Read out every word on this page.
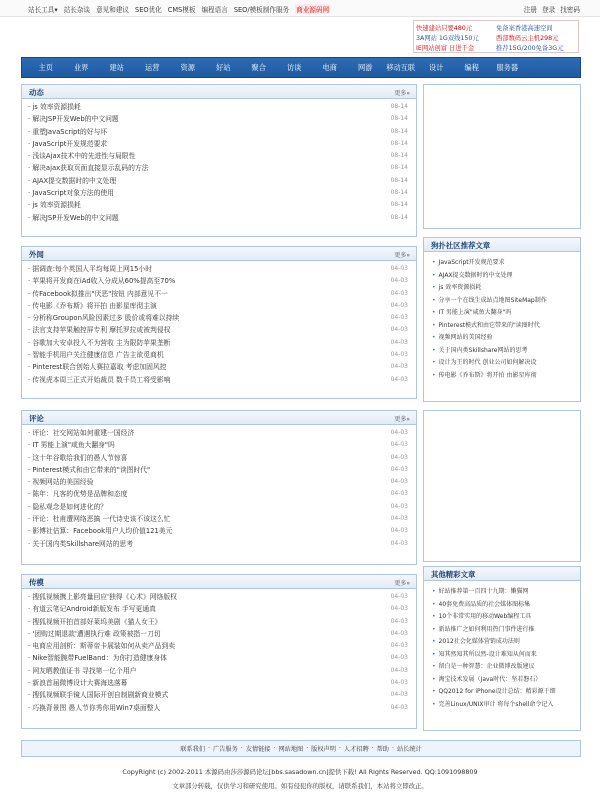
站长工具▾ 站长杂谈 意见和建议 SEO优化 CMS模板 编程语言 SEO/模板制作服务 商业源码网	注册 登录 找密码
快速建站只要480元	免备案香港高速空间
3A网站 1G双线150元	西部数码云主机298元
IE网站创富 日进千金	推荐15G/200免备3G元
主页	业界	建站	运营	资源	好站	聚合	访谈	电商	网游	移动互联	设计	编程	服务器
动态	更多»
· js 效率资源损耗	08-14
· 解决JSP开发Web的中文问题	08-14
· 重塑JavaScript的好与坏	08-14
· JavaScript开发规范要求	08-14
· 浅谈Ajax技术中的先进性与局限性	08-14
· 解决ajax获取页面直接显示乱码的方法	08-14
· AJAX提交数据时的中文处理	08-14
· JavaScript对象方法的使用	08-14
· js 效率资源损耗	08-14
· 解决JSP开发Web的中文问题	08-14
外闻	更多»
· 据调查:每个英国人平均每周上网15小时	04-03
· 苹果将开发商在iAd收入分成从60%提高至70%	04-03
· 传Facebook拟推出"厌恶"按钮 内部意见不一	04-03
· 传电影《乔布斯》将开拍 由影星库彻主演	04-03
· 分析称Groupon风险因素过多 股价或将难以持续	04-03
· 法官支持苹果触控屏专利 摩托罗拉或被判侵权	04-03
· 谷歌加大安卓投入不为营收 主为限防苹果垄断	04-03
· 智能手机用户关注健康信息 广告主欲觅商机	04-03
· Pinterest联合创始人赛拉嘉取 考虑加固风控	04-03
· 传视虎本周三正式开始裁员 数千员工将受影响	04-03
评论	更多»
· 评论：社交网站如何重建一国经济	04-03
· IT 男能上演"咸鱼大翻身"吗	04-03
· 这十年谷歌给我们的愚人节惊喜	04-03
· Pinterest模式和由它带来的"读图时代"	04-03
· 视频网站的美国经验	04-03
· 陈年：凡客的优势是品牌和态度	04-03
· 隐私观念是如何进化的？	04-03
· 评论：杜甫遭网络恶搞 一代诗史该不该这么忙	04-03
· 影博社估算：Facebook用户人均价值121美元	04-03
· 关于国内类Skillshare网站的思考	04-03
传模	更多»
· 搜狐视频携上影亮量回应'独得《心术》网络版权	04-03
· 有道云笔记Android新版发布 手写更通真	04-03
· 搜狐视频开拍首部好莱坞美剧《猫人女王》	04-03
· '团购过期退款'遭遇执行难 政策被指一刀切	04-03
· 电商应用剖析：斯蒂帝卡展装如何从卖产品到卖	04-03
· Nike智能腕带FuelBand：为你打造健康身体	04-03
· 网友晒教值证书 寻找第一亿个用户	04-03
· 新浪首届微博设计大赛海选落幕	04-03
· 搜狐视频联手镜人国际开创自制剧新商业模式	04-03
· 巧换背景图 愚人节你秀你用Win7桌面整人	04-03
狗扑社区推荐文章
• JavaScript开发规范要求
• AJAX提交数据时的中文处理
• js 效率资源损耗
• 分享一个在线生成站点地图SiteMap制作
• IT 男能上演"咸鱼大翻身"吗
• Pinterest模式和由它带来的"读图时代
• 视频网站的美国经验
• 关于国内类Skillshare网站的思考
• 设计为王的时代 创业公司如何解决设
• 传电影《乔布斯》将开拍 由影星库彻
其他精彩文章
• 好站推荐第一百四十九期：懒猫网
• 40套免费高品质的社会媒体图标集
• 10个非常实用的移动Web编程工具
• 新站推广之如何利用热门事件进行推
• 2012社会化媒体营销成功法则
• 知其然知其所以然-设计难知从何而来
• 留白是一种智慧：企业微博改版建议
• 淘宝技术发展（Java时代：坚若磐石）
• QQ2012 for iPhone设计总结：精彩源于细
• 完善Linux/UNIX审计 将每个shell命令记入
联系我们 · 广告服务 · 友情链接 · 网站地图 · 版权声明 · 人才招聘 · 帮助 · 站长统计
CopyRight (c) 2002-2011 本源码由莎莎源码论坛[bbs.sasadown.cn]提供下载! All Rights Reserved. QQ:1091098809
文章部分转载，仅供学习和研究使用。如有侵犯你的版权，请联系我们，本站将立即改正。
